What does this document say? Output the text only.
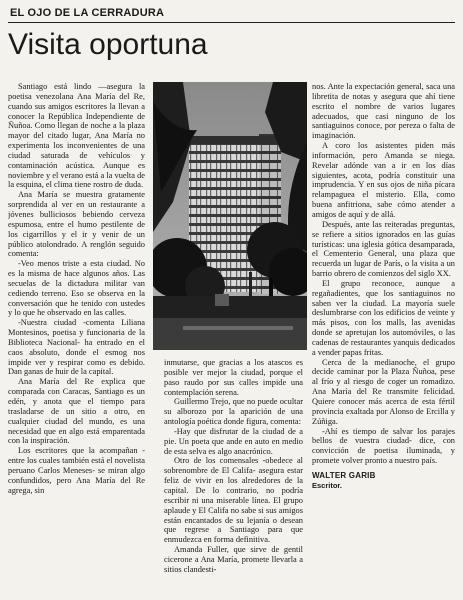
EL OJO DE LA CERRADURA
Visita oportuna

Santiago está lindo —asegura la poetisa venezolana Ana María del Re, cuando sus amigos escritores la llevan a conocer la República Independiente de Ñuñoa. Como llegan de noche a la plaza mayor del citado lugar, Ana María no experimenta los inconvenientes de una ciudad saturada de vehículos y contaminación acústica. Aunque es noviembre y el verano está a la vuelta de la esquina, el clima tiene rostro de duda.

Ana María se muestra gratamente sorprendida al ver en un restaurante a jóvenes bulliciosos bebiendo cerveza espumosa, entre el humo pestilente de los cigarrillos y el ir y venir de un público atolondrado. A renglón seguido comenta:

-Veo menos triste a esta ciudad. No es la misma de hace algunos años. Las secuelas de la dictadura militar van cediendo terreno. Eso se observa en la conversación que he tenido con ustedes y lo que he observado en las calles.

-Nuestra ciudad -comenta Liliana Montesinos, poetisa y funcionaria de la Biblioteca Nacional- ha entrado en el caos absoluto, donde el esmog nos impide ver y respirar como es debido. Dan ganas de huir de la capital.

Ana María del Re explica que comparada con Caracas, Santiago es un edén, y anota que el tiempo para trasladarse de un sitio a otro, en cualquier ciudad del mundo, es una necesidad que en algo está emparentada con la inspiración.

Los escritores que la acompañan -entre los cuales también está el novelista peruano Carlos Meneses- se miran algo confundidos, pero Ana María del Re agrega, sin

inmutarse, que gracias a los atascos es posible ver mejor la ciudad, porque el paso raudo por sus calles impide una contemplación serena.

Guillermo Trejo, que no puede ocultar su alborozo por la aparición de una antología poética donde figura, comenta:

-Hay que disfrutar de la ciudad de a pie. Un poeta que ande en auto en medio de esta selva es algo anacrónico.

Otro de los comensales -obedece al sobrenombre de El Califa- asegura estar feliz de vivir en los alrededores de la capital. De lo contrario, no podría escribir ni una miserable línea. El grupo aplaude y El Califa no sabe si sus amigos están encantados de su lejanía o desean que regrese a Santiago para que enmudezca en forma definitiva.

Amanda Fuller, que sirve de gentil cicerone a Ana María, promete llevarla a sitios clandesti-

nos. Ante la expectación general, saca una libretita de notas y asegura que ahí tiene escrito el nombre de varios lugares adecuados, que casi ninguno de los santiaguinos conoce, por pereza o falta de imaginación.

A coro los asistentes piden más información, pero Amanda se niega. Revelar adónde van a ir en los días siguientes, acota, podría constituir una imprudencia. Y en sus ojos de niña pícara relampaguea el misterio. Ella, como buena anfitriona, sabe cómo atender a amigos de aquí y de allá.

Después, ante las reiteradas preguntas, se refiere a sitios ignorados en las guías turísticas: una iglesia gótica desamparada, el Cementerio General, una plaza que recuerda un lugar de París, o la visita a un barrio obrero de comienzos del siglo XX.

El grupo reconoce, aunque a regañadientes, que los santiaguinos no saben ver la ciudad. La mayoría suele deslumbrarse con los edificios de veinte y más pisos, con los malls, las avenidas donde se apretujan los automóviles, o las cadenas de restaurantes yanquis dedicados a vender papas fritas.

Cerca de la medianoche, el grupo decide caminar por la Plaza Ñuñoa, pese al frío y al riesgo de coger un romadizo. Ana María del Re transmite felicidad. Quiere conocer más acerca de esta fértil provincia exaltada por Alonso de Ercilla y Zúñiga.

-Ahí es tiempo de salvar los parajes bellos de vuestra ciudad- dice, con convicción de poetisa iluminada, y promete volver pronto a nuestro país.

WALTER GARIB
Escritor.
